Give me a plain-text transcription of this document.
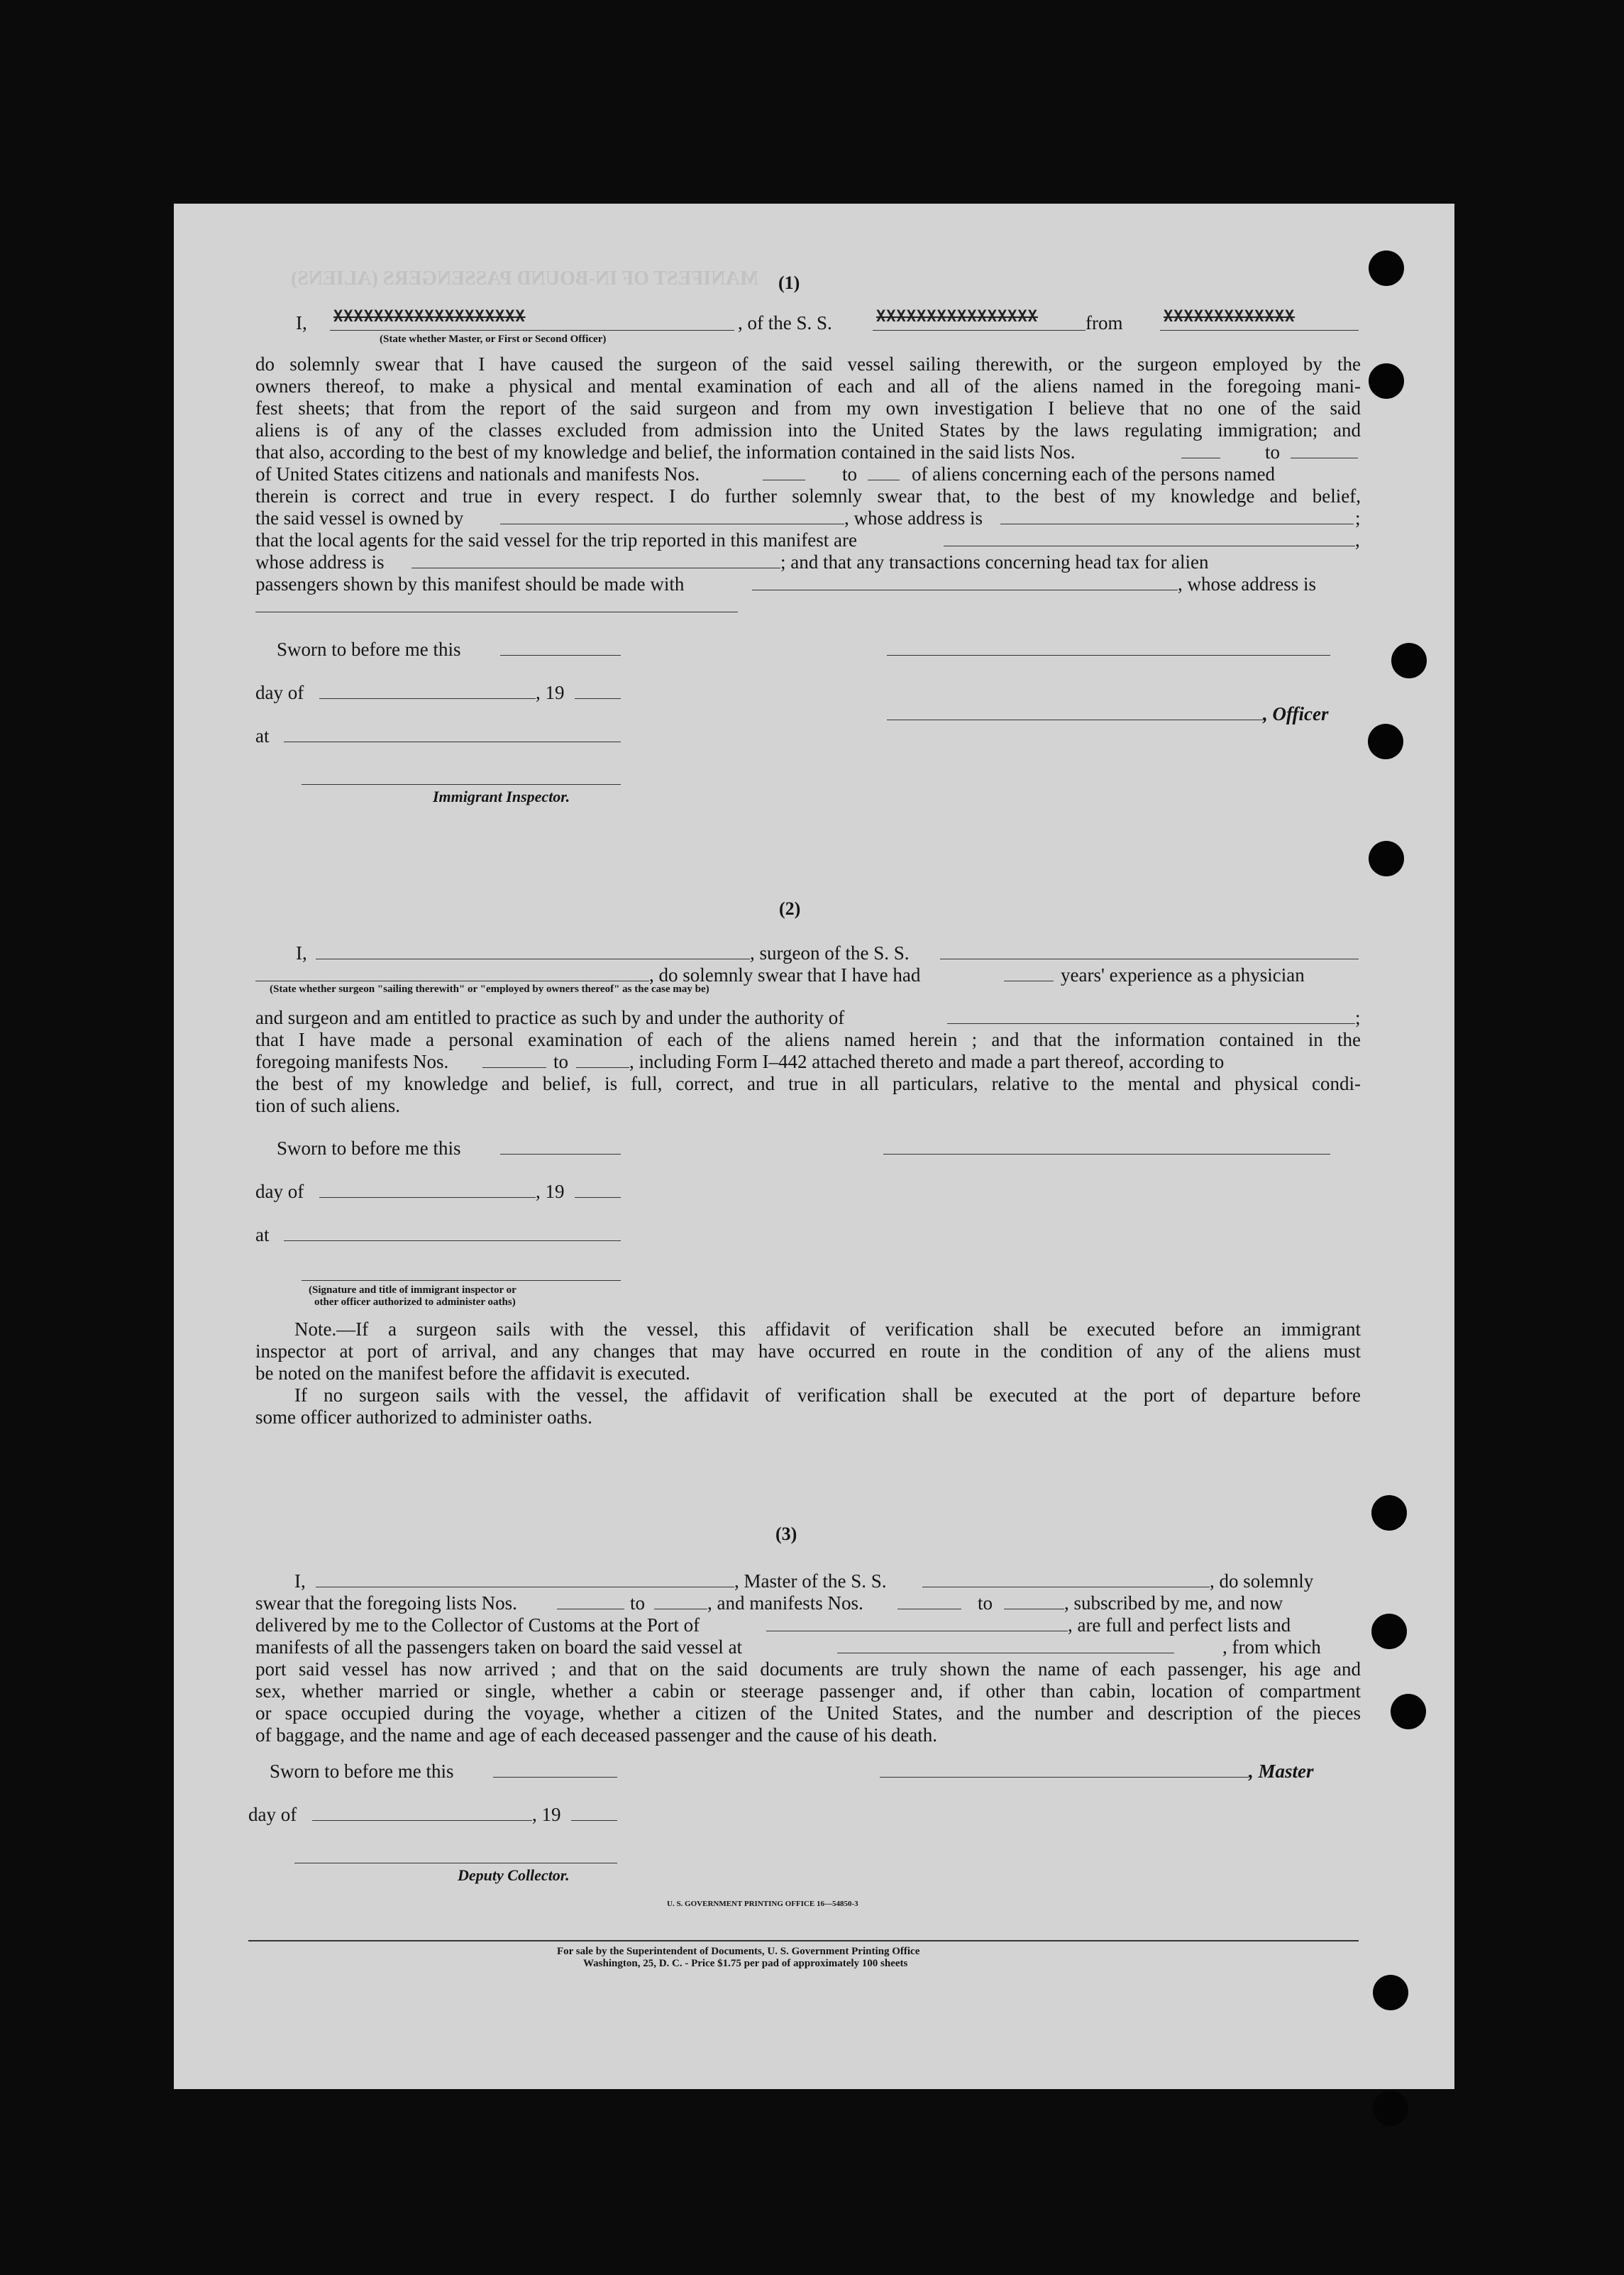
MANIFEST OF IN-BOUND PASSENGERS (ALIENS) (1)
I, XXXXXXXXXXXXXXXXXXX	, of the S. S.	XXXXXXXXXXXXXXXX from	XXXXXXXXXXXXX
(State whether Master, or First or Second Officer)
do solemnly swear that I have caused the surgeon of the said vessel sailing therewith, or the surgeon employed by the
owners thereof, to make a physical and mental examination of each and all of the aliens named in the foregoing mani-
fest sheets; that from the report of the said surgeon and from my own investigation I believe that no one of the said
aliens is of any of the classes excluded from admission into the United States by the laws regulating immigration; and
that also, according to the best of my knowledge and belief, the information contained in the said lists Nos.	to
of United States citizens and nationals and manifests Nos.	to	of aliens concerning each of the persons named
therein is correct and true in every respect. I do further solemnly swear that, to the best of my knowledge and belief,
the said vessel is owned by	, whose address is	;
that the local agents for the said vessel for the trip reported in this manifest are	,
whose address is	; and that any transactions concerning head tax for alien
passengers shown by this manifest should be made with	, whose address is
Sworn to before me this
day of	, 19
, Officer
at
Immigrant Inspector.
(2)
I,	, surgeon of the S. S.
, do solemnly swear that I have had	years' experience as a physician
(State whether surgeon "sailing therewith" or "employed by owners thereof" as the case may be)
and surgeon and am entitled to practice as such by and under the authority of	;
that I have made a personal examination of each of the aliens named herein ; and that the information contained in the
foregoing manifests Nos.	to	, including Form I–442 attached thereto and made a part thereof, according to
the best of my knowledge and belief, is full, correct, and true in all particulars, relative to the mental and physical condi-
tion of such aliens.
Sworn to before me this
day of	, 19
at
(Signature and title of immigrant inspector or
other officer authorized to administer oaths)
Note.—If a surgeon sails with the vessel, this affidavit of verification shall be executed before an immigrant
inspector at port of arrival, and any changes that may have occurred en route in the condition of any of the aliens must
be noted on the manifest before the affidavit is executed.
If no surgeon sails with the vessel, the affidavit of verification shall be executed at the port of departure before
some officer authorized to administer oaths.
(3)
I,	, Master of the S. S.	, do solemnly
swear that the foregoing lists Nos.	to	, and manifests Nos.	to	, subscribed by me, and now
delivered by me to the Collector of Customs at the Port of	, are full and perfect lists and
manifests of all the passengers taken on board the said vessel at	, from which
port said vessel has now arrived ; and that on the said documents are truly shown the name of each passenger, his age and
sex, whether married or single, whether a cabin or steerage passenger and, if other than cabin, location of compartment
or space occupied during the voyage, whether a citizen of the United States, and the number and description of the pieces
of baggage, and the name and age of each deceased passenger and the cause of his death.
Sworn to before me this	, Master
day of	, 19
Deputy Collector.
U. S. GOVERNMENT PRINTING OFFICE 16—54850-3
For sale by the Superintendent of Documents, U. S. Government Printing Office
Washington, 25, D. C. - Price $1.75 per pad of approximately 100 sheets
